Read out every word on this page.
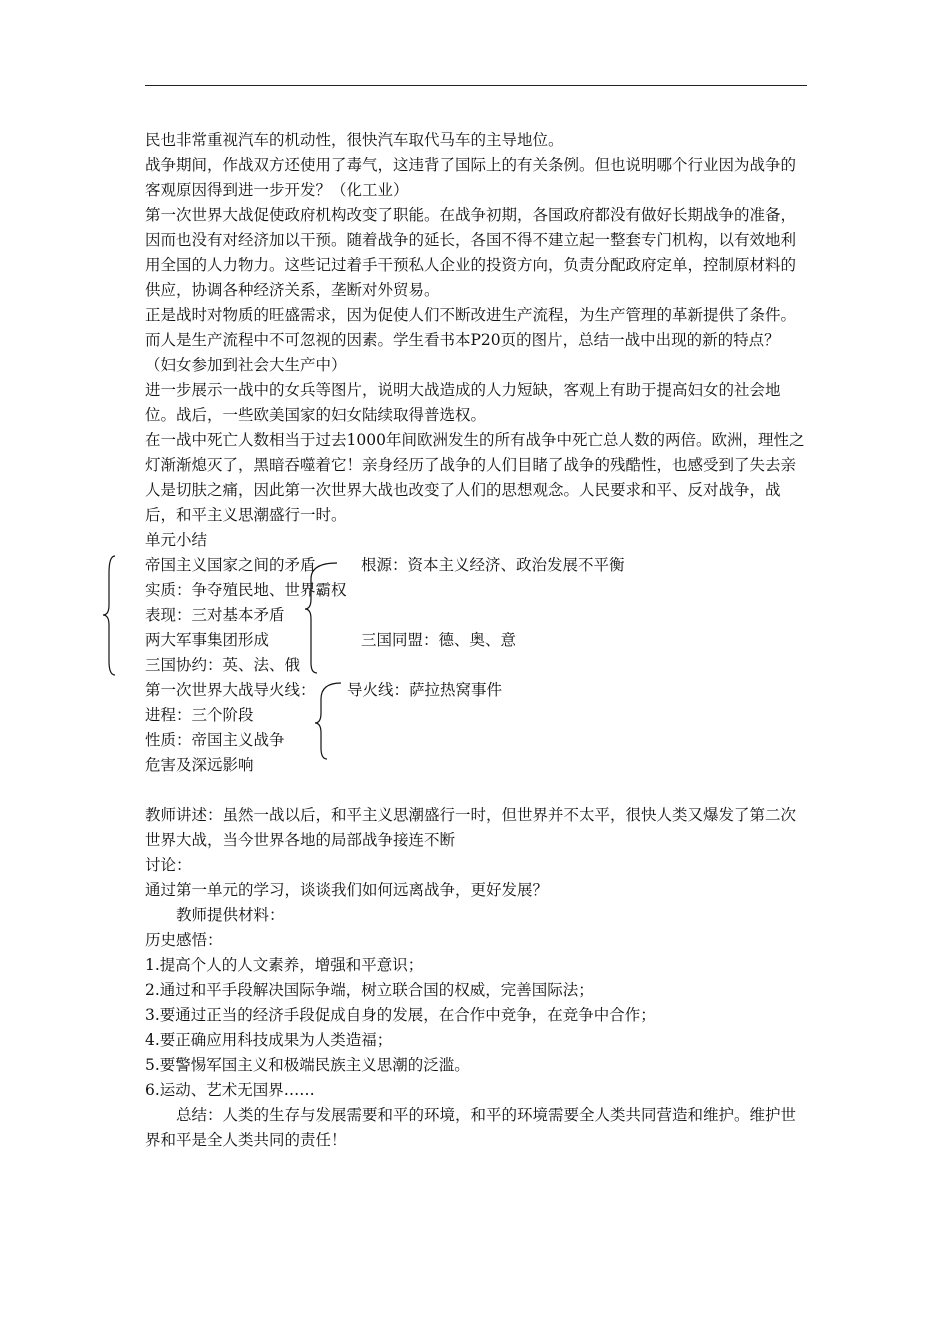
民也非常重视汽车的机动性，很快汽车取代马车的主导地位。

战争期间，作战双方还使用了毒气，这违背了国际上的有关条例。但也说明哪个行业因为战争的客观原因得到进一步开发？（化工业）

第一次世界大战促使政府机构改变了职能。在战争初期，各国政府都没有做好长期战争的准备，因而也没有对经济加以干预。随着战争的延长，各国不得不建立起一整套专门机构，以有效地利用全国的人力物力。这些记过着手干预私人企业的投资方向，负责分配政府定单，控制原材料的供应，协调各种经济关系，垄断对外贸易。

正是战时对物质的旺盛需求，因为促使人们不断改进生产流程，为生产管理的革新提供了条件。而人是生产流程中不可忽视的因素。学生看书本P20页的图片，总结一战中出现的新的特点？（妇女参加到社会大生产中）

进一步展示一战中的女兵等图片，说明大战造成的人力短缺，客观上有助于提高妇女的社会地位。战后，一些欧美国家的妇女陆续取得普选权。

在一战中死亡人数相当于过去1000年间欧洲发生的所有战争中死亡总人数的两倍。欧洲，理性之灯渐渐熄灭了，黑暗吞噬着它！亲身经历了战争的人们目睹了战争的残酷性，也感受到了失去亲人是切肤之痛，因此第一次世界大战也改变了人们的思想观念。人民要求和平、反对战争，战后，和平主义思潮盛行一时。

单元小结

帝国主义国家之间的矛盾
实质：争夺殖民地、世界霸权
表现：三对基本矛盾
两大军事集团形成
三国协约：英、法、俄
第一次世界大战导火线：
进程：三个阶段
性质：帝国主义战争
危害及深远影响
根源：资本主义经济、政治发展不平衡
三国同盟：德、奥、意
导火线：萨拉热窝事件

教师讲述：虽然一战以后，和平主义思潮盛行一时，但世界并不太平，很快人类又爆发了第二次世界大战，当今世界各地的局部战争接连不断

讨论：

通过第一单元的学习，谈谈我们如何远离战争，更好发展？

教师提供材料：

历史感悟：

1.提高个人的人文素养，增强和平意识；

2.通过和平手段解决国际争端，树立联合国的权威，完善国际法；

3.要通过正当的经济手段促成自身的发展，在合作中竞争，在竞争中合作；

4.要正确应用科技成果为人类造福；

5.要警惕军国主义和极端民族主义思潮的泛滥。

6.运动、艺术无国界……

总结：人类的生存与发展需要和平的环境，和平的环境需要全人类共同营造和维护。维护世界和平是全人类共同的责任！
